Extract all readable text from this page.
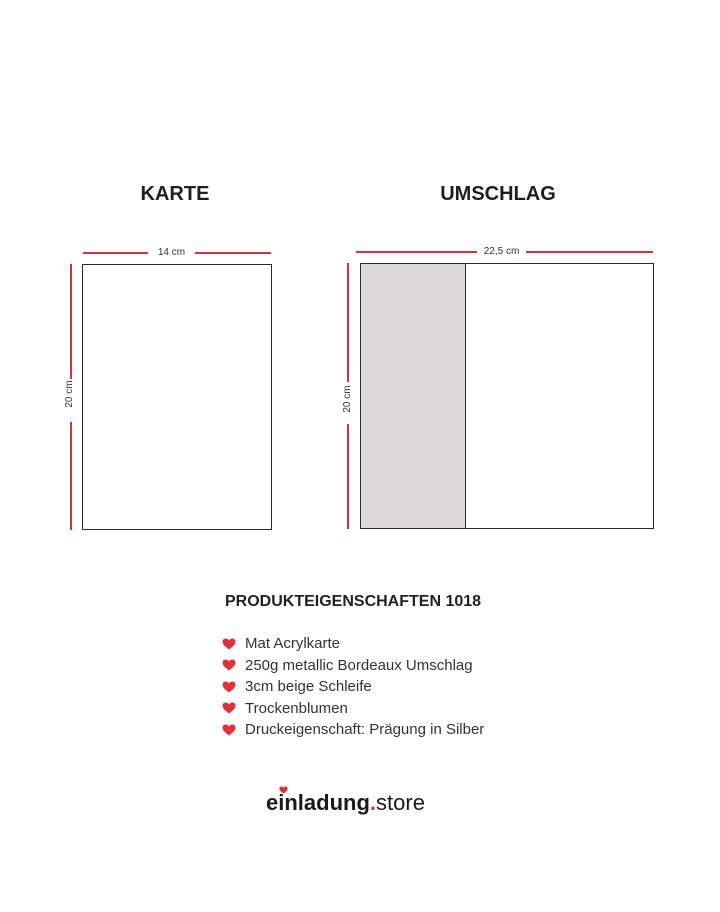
KARTE	UMSCHLAG
14 cm
20 cm
22,5 cm
20 cm
PRODUKTEIGENSCHAFTEN 1018
Mat Acrylkarte
250g metallic Bordeaux Umschlag
3cm beige Schleife
Trockenblumen
Druckeigenschaft: Prägung in Silber
einladung.store
